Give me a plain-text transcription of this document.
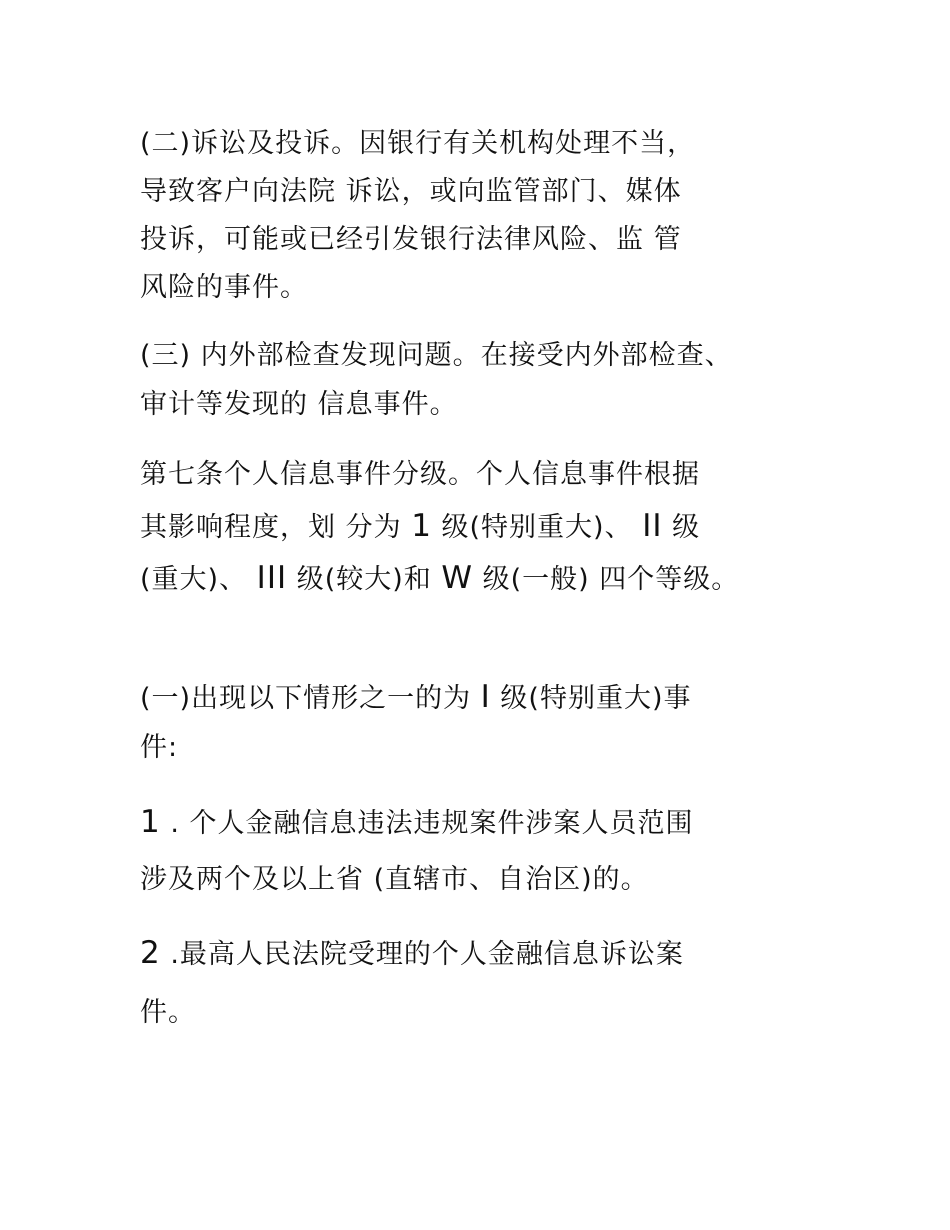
(二)诉讼及投诉。因银行有关机构处理不当，
导致客户向法院 诉讼，或向监管部门、媒体
投诉，可能或已经引发银行法律风险、监 管
风险的事件。
(三) 内外部检查发现问题。在接受内外部检查、
审计等发现的 信息事件。
第七条个人信息事件分级。个人信息事件根据
其影响程度，划 分为 1 级(特别重大)、 II 级
(重大)、 III 级(较大)和 W 级(一般) 四个等级。
(一)出现以下情形之一的为 I 级(特别重大)事
件:
1 . 个人金融信息违法违规案件涉案人员范围
涉及两个及以上省 (直辖市、自治区)的。
2 .最高人民法院受理的个人金融信息诉讼案
件。
